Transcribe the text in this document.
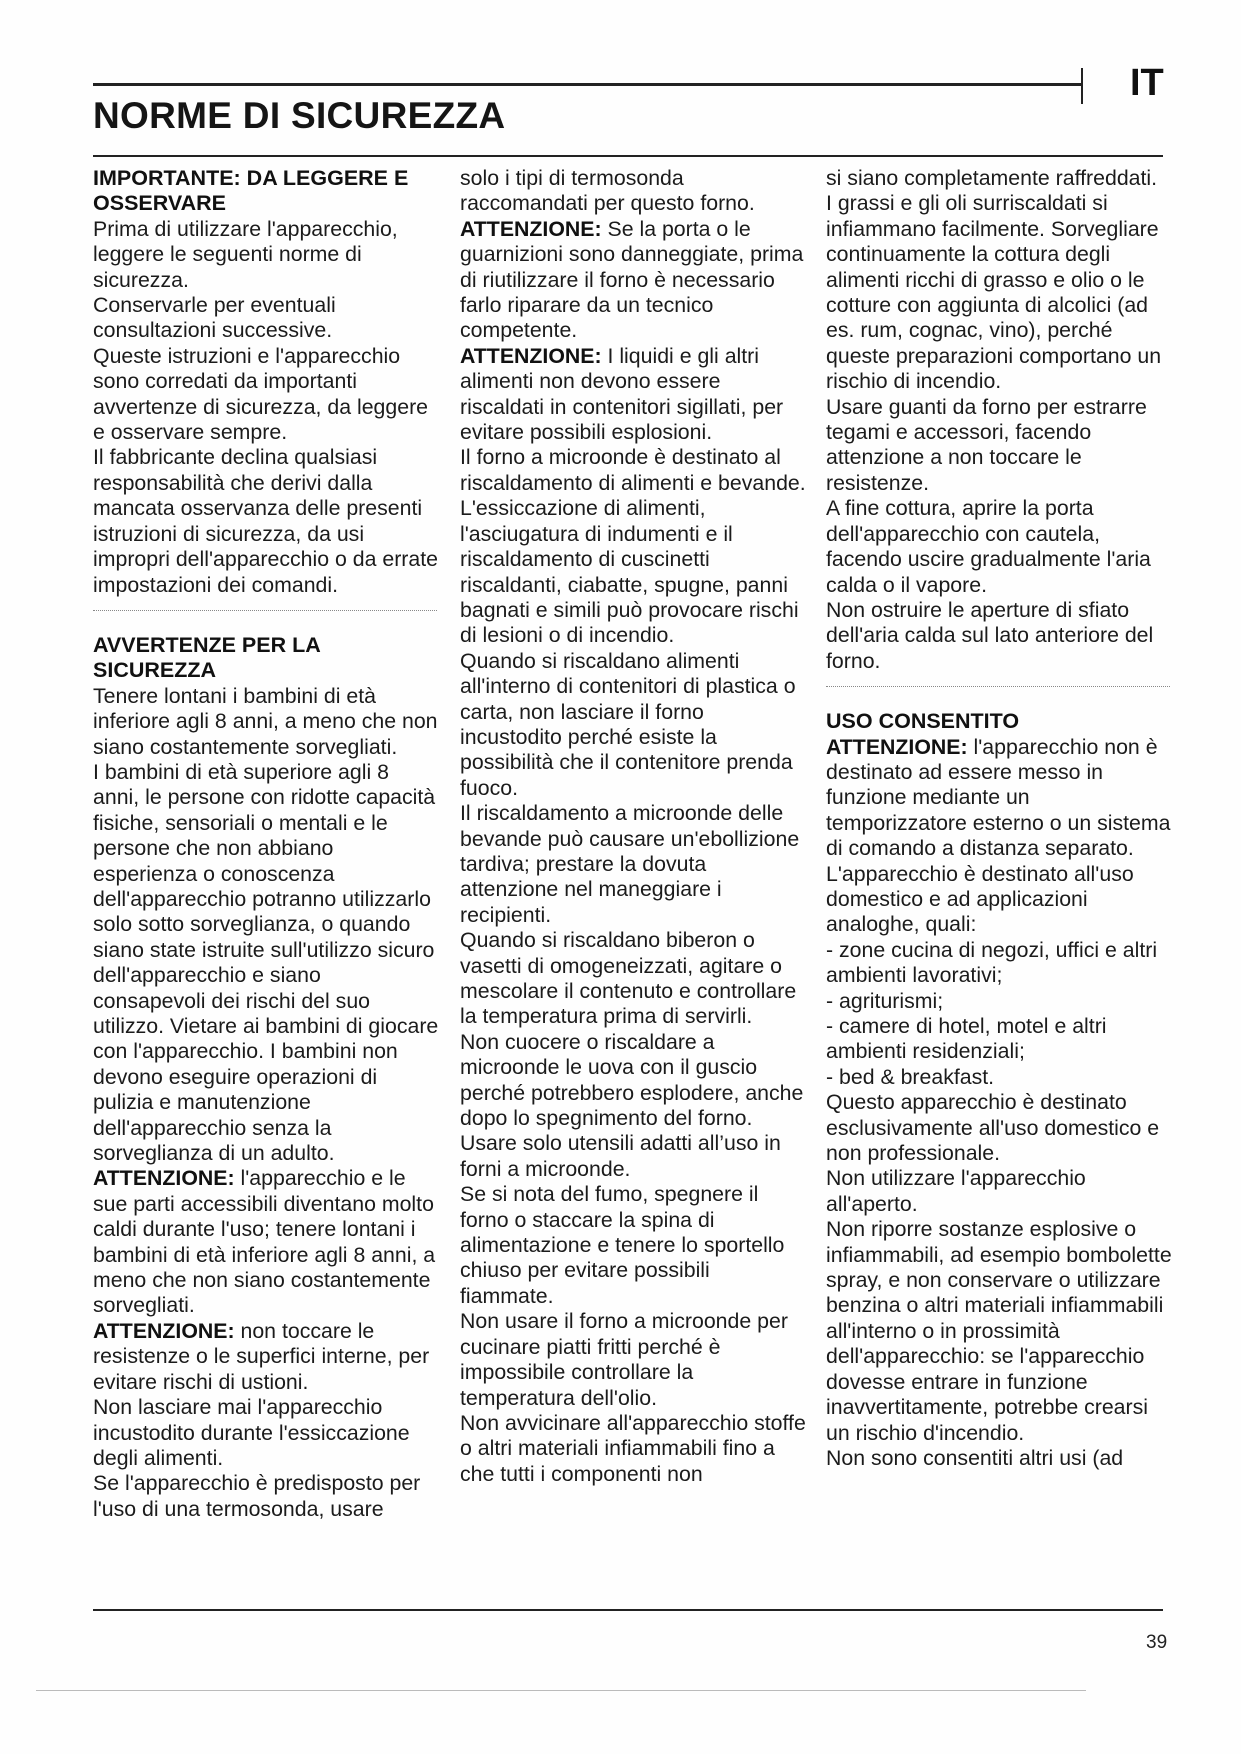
IT
NORME DI SICUREZZA
IMPORTANTE: DA LEGGERE E OSSERVARE

Prima di utilizzare l'apparecchio, leggere le seguenti norme di sicurezza.

Conservarle per eventuali consultazioni successive.

Queste istruzioni e l'apparecchio sono corredati da importanti avvertenze di sicurezza, da leggere e osservare sempre.

Il fabbricante declina qualsiasi responsabilità che derivi dalla mancata osservanza delle presenti istruzioni di sicurezza, da usi impropri dell'apparecchio o da errate impostazioni dei comandi.

AVVERTENZE PER LA SICUREZZA

Tenere lontani i bambini di età inferiore agli 8 anni, a meno che non siano costantemente sorvegliati.

I bambini di età superiore agli 8 anni, le persone con ridotte capacità fisiche, sensoriali o mentali e le persone che non abbiano esperienza o conoscenza dell'apparecchio potranno utilizzarlo solo sotto sorveglianza, o quando siano state istruite sull'utilizzo sicuro dell'apparecchio e siano consapevoli dei rischi del suo utilizzo. Vietare ai bambini di giocare con l'apparecchio. I bambini non devono eseguire operazioni di pulizia e manutenzione dell'apparecchio senza la sorveglianza di un adulto.

ATTENZIONE: l'apparecchio e le sue parti accessibili diventano molto caldi durante l'uso; tenere lontani i bambini di età inferiore agli 8 anni, a meno che non siano costantemente sorvegliati.

ATTENZIONE: non toccare le resistenze o le superfici interne, per evitare rischi di ustioni.

Non lasciare mai l'apparecchio incustodito durante l'essiccazione degli alimenti.

Se l'apparecchio è predisposto per l'uso di una termosonda, usare

solo i tipi di termosonda raccomandati per questo forno.

ATTENZIONE: Se la porta o le guarnizioni sono danneggiate, prima di riutilizzare il forno è necessario farlo riparare da un tecnico competente.

ATTENZIONE: I liquidi e gli altri alimenti non devono essere riscaldati in contenitori sigillati, per evitare possibili esplosioni.

Il forno a microonde è destinato al riscaldamento di alimenti e bevande. L'essiccazione di alimenti, l'asciugatura di indumenti e il riscaldamento di cuscinetti riscaldanti, ciabatte, spugne, panni bagnati e simili può provocare rischi di lesioni o di incendio.

Quando si riscaldano alimenti all'interno di contenitori di plastica o carta, non lasciare il forno incustodito perché esiste la possibilità che il contenitore prenda fuoco.

Il riscaldamento a microonde delle bevande può causare un'ebollizione tardiva; prestare la dovuta attenzione nel maneggiare i recipienti.

Quando si riscaldano biberon o vasetti di omogeneizzati, agitare o mescolare il contenuto e controllare la temperatura prima di servirli.

Non cuocere o riscaldare a microonde le uova con il guscio perché potrebbero esplodere, anche dopo lo spegnimento del forno.

Usare solo utensili adatti all’uso in forni a microonde.

Se si nota del fumo, spegnere il forno o staccare la spina di alimentazione e tenere lo sportello chiuso per evitare possibili fiammate.

Non usare il forno a microonde per cucinare piatti fritti perché è impossibile controllare la temperatura dell'olio.

Non avvicinare all'apparecchio stoffe o altri materiali infiammabili fino a che tutti i componenti non

si siano completamente raffreddati.

I grassi e gli oli surriscaldati si infiammano facilmente. Sorvegliare continuamente la cottura degli alimenti ricchi di grasso e olio o le cotture con aggiunta di alcolici (ad es. rum, cognac, vino), perché queste preparazioni comportano un rischio di incendio.

Usare guanti da forno per estrarre tegami e accessori, facendo attenzione a non toccare le resistenze.

A fine cottura, aprire la porta dell'apparecchio con cautela, facendo uscire gradualmente l'aria calda o il vapore.

Non ostruire le aperture di sfiato dell'aria calda sul lato anteriore del forno.

USO CONSENTITO

ATTENZIONE: l'apparecchio non è destinato ad essere messo in funzione mediante un temporizzatore esterno o un sistema di comando a distanza separato.

L'apparecchio è destinato all'uso domestico e ad applicazioni analoghe, quali:

- zone cucina di negozi, uffici e altri ambienti lavorativi;

- agriturismi;

- camere di hotel, motel e altri ambienti residenziali;

- bed & breakfast.

Questo apparecchio è destinato esclusivamente all'uso domestico e non professionale.

Non utilizzare l'apparecchio all'aperto.

Non riporre sostanze esplosive o infiammabili, ad esempio bombolette spray, e non conservare o utilizzare benzina o altri materiali infiammabili all'interno o in prossimità dell'apparecchio: se l'apparecchio dovesse entrare in funzione inavvertitamente, potrebbe crearsi un rischio d'incendio.

Non sono consentiti altri usi (ad

39
